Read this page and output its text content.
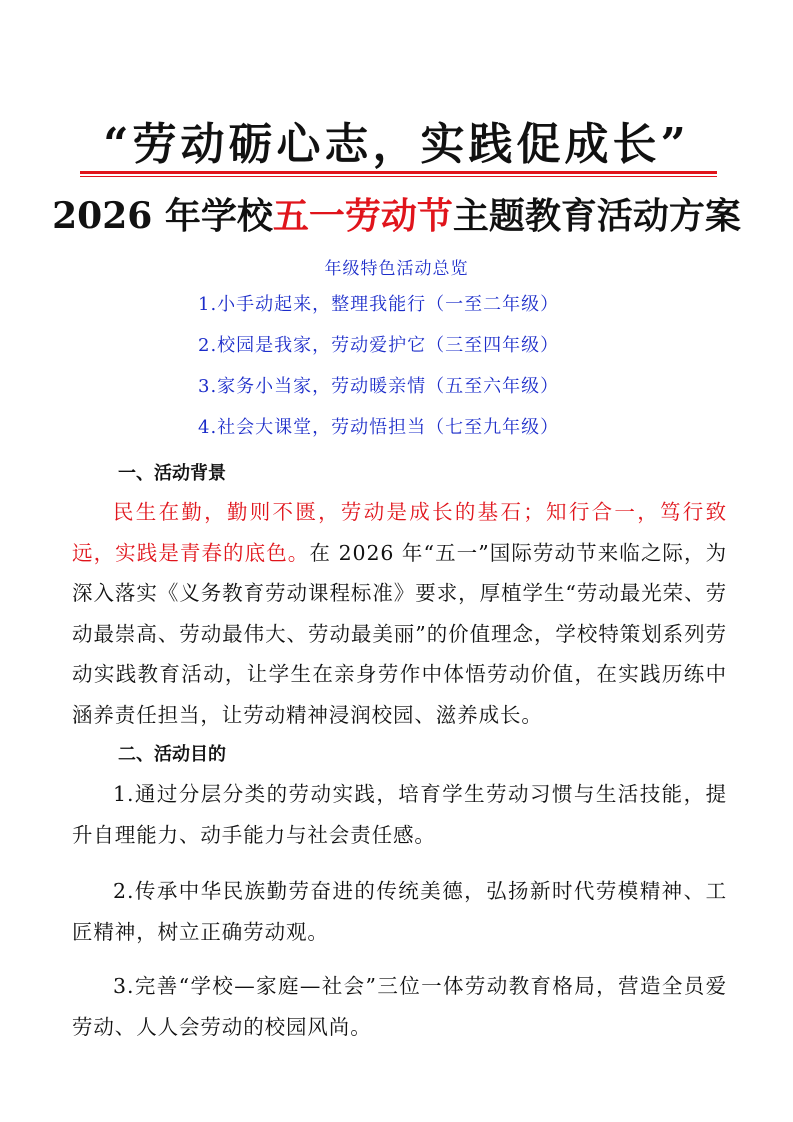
“劳动砺心志，实践促成长”
2026 年学校五一劳动节主题教育活动方案
年级特色活动总览
1.小手动起来，整理我能行（一至二年级）
2.校园是我家，劳动爱护它（三至四年级）
3.家务小当家，劳动暖亲情（五至六年级）
4.社会大课堂，劳动悟担当（七至九年级）
一、活动背景
民生在勤，勤则不匮，劳动是成长的基石；知行合一，笃行致远，实践是青春的底色。在 2026 年“五一”国际劳动节来临之际，为深入落实《义务教育劳动课程标准》要求，厚植学生“劳动最光荣、劳动最崇高、劳动最伟大、劳动最美丽”的价值理念，学校特策划系列劳动实践教育活动，让学生在亲身劳作中体悟劳动价值，在实践历练中涵养责任担当，让劳动精神浸润校园、滋养成长。
二、活动目的
1.通过分层分类的劳动实践，培育学生劳动习惯与生活技能，提升自理能力、动手能力与社会责任感。
2.传承中华民族勤劳奋进的传统美德，弘扬新时代劳模精神、工匠精神，树立正确劳动观。
3.完善“学校—家庭—社会”三位一体劳动教育格局，营造全员爱劳动、人人会劳动的校园风尚。
